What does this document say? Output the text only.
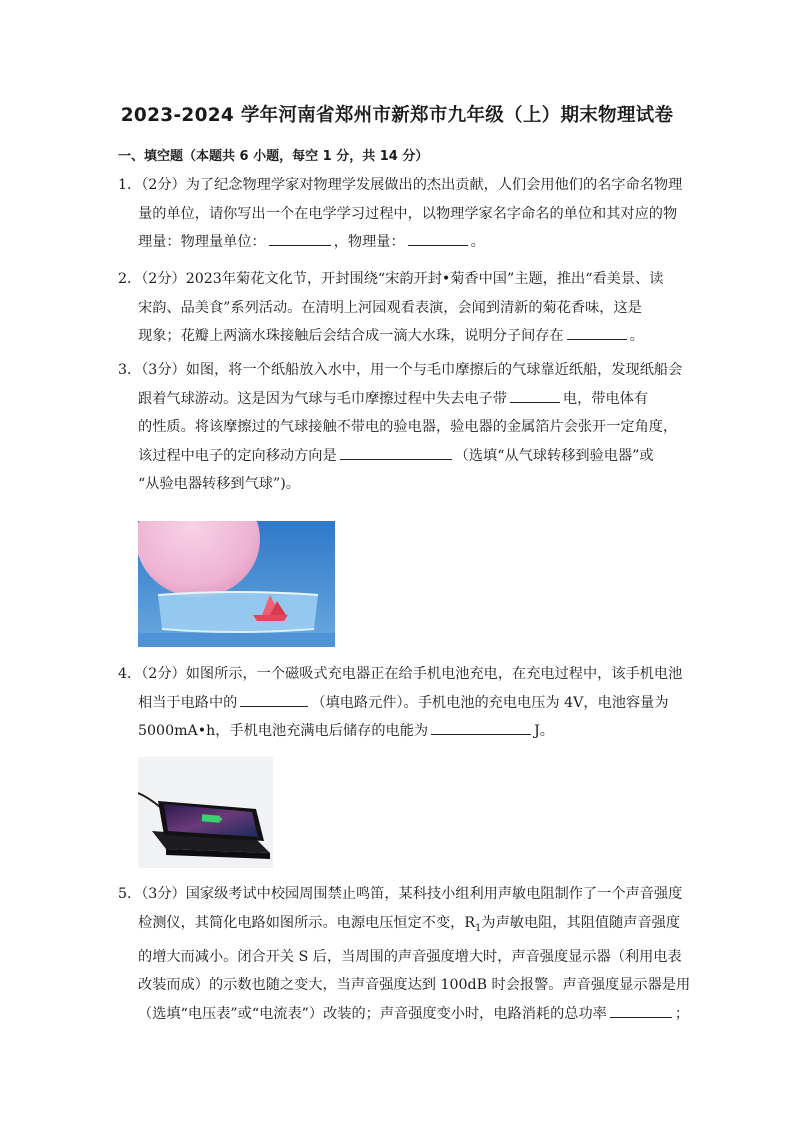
2023-2024 学年河南省郑州市新郑市九年级（上）期末物理试卷
一、填空题（本题共 6 小题，每空 1 分，共 14 分）
1．（2分）为了纪念物理学家对物理学发展做出的杰出贡献，人们会用他们的名字命名物理
量的单位，请你写出一个在电学学习过程中，以物理学家名字命名的单位和其对应的物
理量：物理量单位：	，物理量：	。
2．（2分）2023年菊花文化节，开封围绕“宋韵开封•菊香中国”主题，推出“看美景、读
宋韵、品美食”系列活动。在清明上河园观看表演，会闻到清新的菊花香味，这是
现象；花瓣上两滴水珠接触后会结合成一滴大水珠，说明分子间存在	。
3．（3分）如图，将一个纸船放入水中，用一个与毛巾摩擦后的气球靠近纸船，发现纸船会
跟着气球游动。这是因为气球与毛巾摩擦过程中失去电子带	电，带电体有
的性质。将该摩擦过的气球接触不带电的验电器，验电器的金属箔片会张开一定角度，
该过程中电子的定向移动方向是	（选填“从气球转移到验电器”或
“从验电器转移到气球”)。
4．（2分）如图所示，一个磁吸式充电器正在给手机电池充电，在充电过程中，该手机电池
相当于电路中的	（填电路元件）。手机电池的充电电压为 4V，电池容量为
5000mA•h，手机电池充满电后储存的电能为	J。
5．（3分）国家级考试中校园周围禁止鸣笛，某科技小组利用声敏电阻制作了一个声音强度
检测仪，其简化电路如图所示。电源电压恒定不变，$R_1$为声敏电阻，其阻值随声音强度
的增大而减小。闭合开关 S 后，当周围的声音强度增大时，声音强度显示器（利用电表
改装而成）的示数也随之变大，当声音强度达到 100dB 时会报警。声音强度显示器是用
（选填“电压表”或“电流表”）改装的；声音强度变小时，电路消耗的总功率	；
